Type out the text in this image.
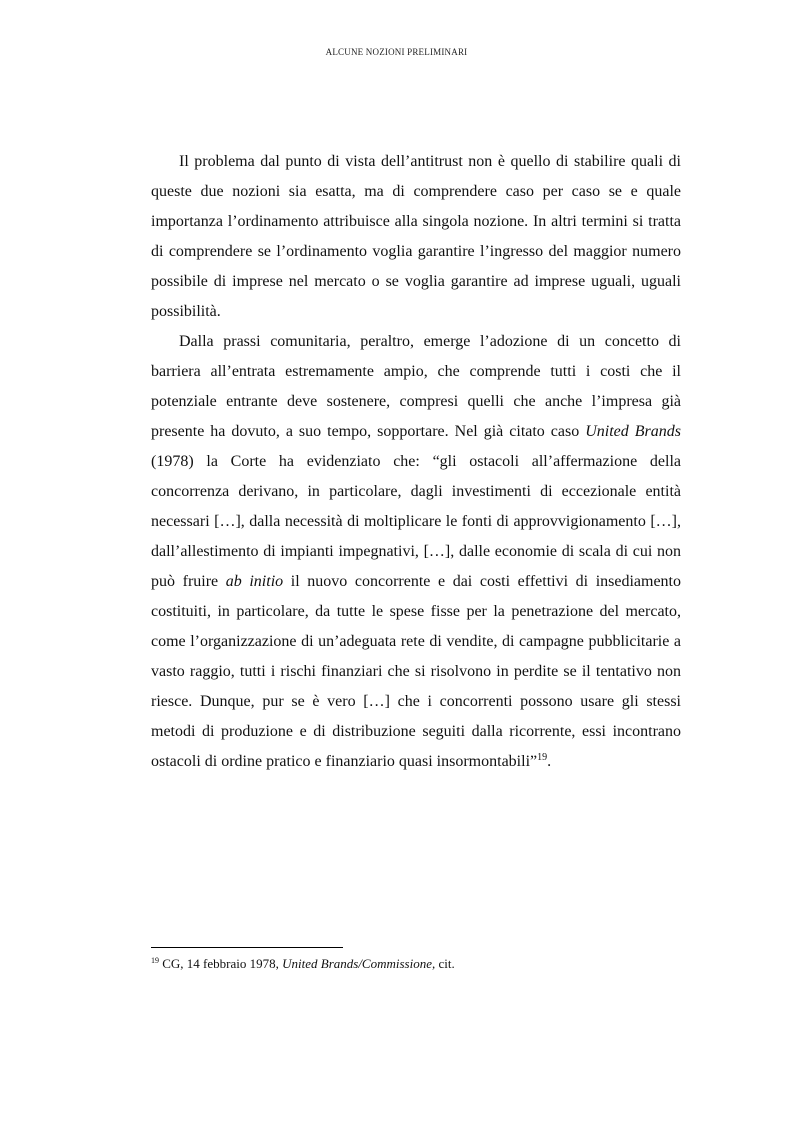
ALCUNE NOZIONI PRELIMINARI

Il problema dal punto di vista dell’antitrust non è quello di stabilire quali di queste due nozioni sia esatta, ma di comprendere caso per caso se e quale importanza l’ordinamento attribuisce alla singola nozione. In altri termini si tratta di comprendere se l’ordinamento voglia garantire l’ingresso del maggior numero possibile di imprese nel mercato o se voglia garantire ad imprese uguali, uguali possibilità.

Dalla prassi comunitaria, peraltro, emerge l’adozione di un concetto di barriera all’entrata estremamente ampio, che comprende tutti i costi che il potenziale entrante deve sostenere, compresi quelli che anche l’impresa già presente ha dovuto, a suo tempo, sopportare. Nel già citato caso United Brands (1978) la Corte ha evidenziato che: “gli ostacoli all’affermazione della concorrenza derivano, in particolare, dagli investimenti di eccezionale entità necessari […], dalla necessità di moltiplicare le fonti di approvvigionamento […], dall’allestimento di impianti impegnativi, […], dalle economie di scala di cui non può fruire ab initio il nuovo concorrente e dai costi effettivi di insediamento costituiti, in particolare, da tutte le spese fisse per la penetrazione del mercato, come l’organizzazione di un’adeguata rete di vendite, di campagne pubblicitarie a vasto raggio, tutti i rischi finanziari che si risolvono in perdite se il tentativo non riesce. Dunque, pur se è vero […] che i concorrenti possono usare gli stessi metodi di produzione e di distribuzione seguiti dalla ricorrente, essi incontrano ostacoli di ordine pratico e finanziario quasi insormontabili”$^{19}$.

$^{19}$ CG, 14 febbraio 1978, United Brands/Commissione, cit.
